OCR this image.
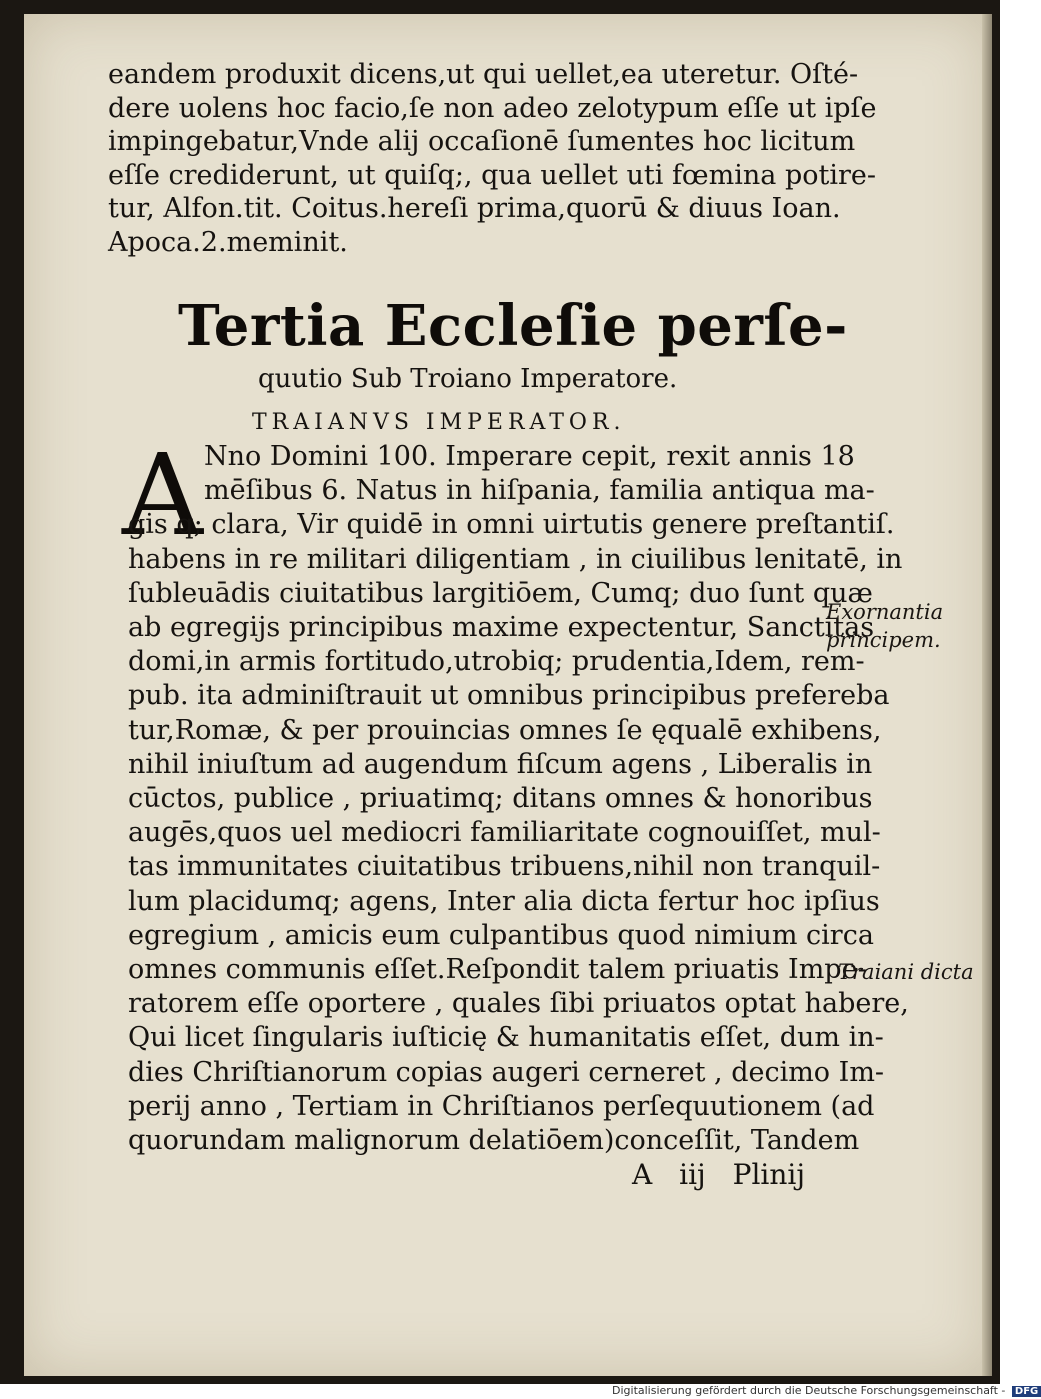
eandem produxit dicens,ut qui uellet,ea uteretur. Oſté‑
dere uolens hoc facio,ſe non adeo zelotypum eſſe ut ipſe
impingebatur,Vnde alij occaſionē ſumentes hoc licitum
eſſe crediderunt, ut quiſq;, qua uellet uti fœmina potire‑
tur, Alfon.tit. Coitus.hereſi prima,quorū & diuus Ioan.
Apoca.2.meminit.
Tertia Eccleſie perſe‑
quutio Sub Troiano Imperatore.
TRAIANVS IMPERATOR.
A Nno Domini 100. Imperare cepit, rexit annis 18
mēſibus 6. Natus in hiſpania, familia antiqua ma‑
gis q; clara, Vir quidē in omni uirtutis genere preſtantiſ.
habens in re militari diligentiam , in ciuilibus lenitatē, in
ſubleuādis ciuitatibus largitiōem, Cumq; duo ſunt quæ
ab egregijs principibus maxime expectentur, Sanctitas
domi,in armis fortitudo,utrobiq; prudentia,Idem, rem‑
pub. ita adminiſtrauit ut omnibus principibus prefereba
tur,Romæ, & per prouincias omnes ſe ęqualē exhibens,
nihil iniuſtum ad augendum fiſcum agens , Liberalis in
cūctos, publice , priuatimq; ditans omnes & honoribus
augēs,quos uel mediocri familiaritate cognouiſſet, mul‑
tas immunitates ciuitatibus tribuens,nihil non tranquil‑
lum placidumq; agens, Inter alia dicta fertur hoc ipſius
egregium , amicis eum culpantibus quod nimium circa
omnes communis eſſet.Reſpondit talem priuatis Impe‑
ratorem eſſe oportere , quales ſibi priuatos optat habere,
Qui licet ſingularis iuſticię & humanitatis eſſet, dum in‑
dies Chriſtianorum copias augeri cerneret , decimo Im‑
perij anno , Tertiam in Chriſtianos perſequutionem (ad
quorundam malignorum delatiōem)conceſſit, Tandem
Exornantia
principem.
Traiani dicta
A iij Plinij
Digitalisierung gefördert durch die Deutsche Forschungsgemeinschaft - DFG
